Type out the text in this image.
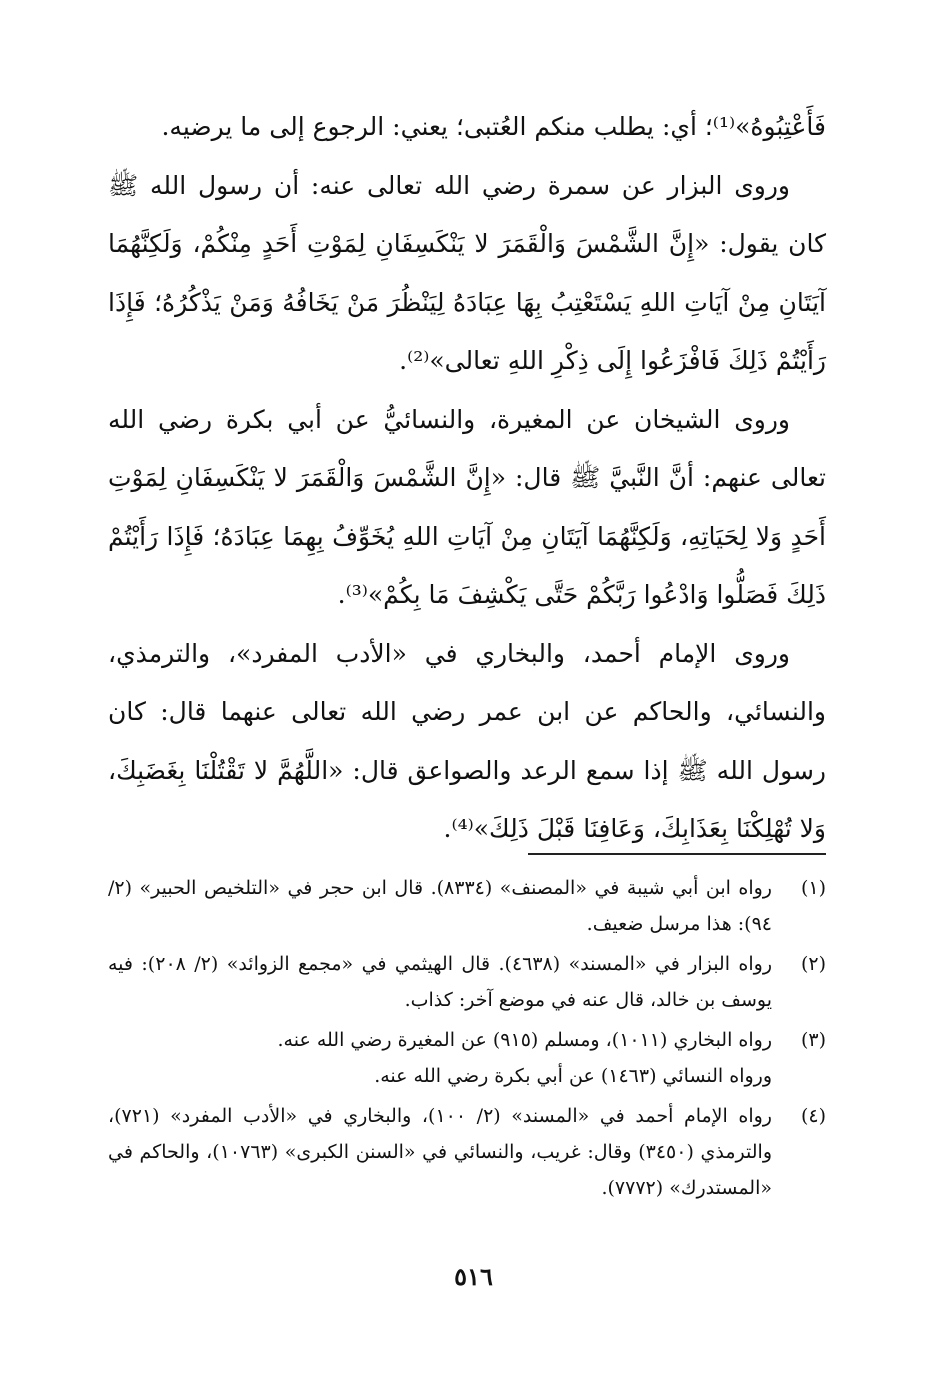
فَأَعْتِبُوهُ»⁽¹⁾؛ أي: يطلب منكم العُتبى؛ يعني: الرجوع إلى ما يرضيه.

وروى البزار عن سمرة رضي الله تعالى عنه: أن رسول الله ﷺ كان يقول: «إِنَّ الشَّمْسَ وَالْقَمَرَ لا يَنْكَسِفَانِ لِمَوْتِ أَحَدٍ مِنْكُمْ، وَلَكِنَّهُمَا آيَتَانِ مِنْ آيَاتِ اللهِ يَسْتَعْتِبُ بِهَا عِبَادَهُ لِيَنْظُرَ مَنْ يَخَافُهُ وَمَنْ يَذْكُرُهُ؛ فَإِذَا رَأَيْتُمْ ذَلِكَ فَافْزَعُوا إِلَى ذِكْرِ اللهِ تعالى»⁽²⁾.

وروى الشيخان عن المغيرة، والنسائيُّ عن أبي بكرة رضي الله تعالى عنهم: أنَّ النَّبيَّ ﷺ قال: «إِنَّ الشَّمْسَ وَالْقَمَرَ لا يَنْكَسِفَانِ لِمَوْتِ أَحَدٍ وَلا لِحَيَاتِهِ، وَلَكِنَّهُمَا آيَتَانِ مِنْ آيَاتِ اللهِ يُخَوِّفُ بِهِمَا عِبَادَهُ؛ فَإِذَا رَأَيْتُمْ ذَلِكَ فَصَلُّوا وَادْعُوا رَبَّكُمْ حَتَّى يَكْشِفَ مَا بِكُمْ»⁽³⁾.

وروى الإمام أحمد، والبخاري في «الأدب المفرد»، والترمذي، والنسائي، والحاكم عن ابن عمر رضي الله تعالى عنهما قال: كان رسول الله ﷺ إذا سمع الرعد والصواعق قال: «اللَّهُمَّ لا تَقْتُلْنَا بِغَضَبِكَ، وَلا تُهْلِكْنَا بِعَذَابِكَ، وَعَافِنَا قَبْلَ ذَلِكَ»⁽⁴⁾.

(١)
رواه ابن أبي شيبة في «المصنف» (٨٣٣٤). قال ابن حجر في «التلخيص الحبير» (٢/ ٩٤): هذا مرسل ضعيف.
(٢)
رواه البزار في «المسند» (٤٦٣٨). قال الهيثمي في «مجمع الزوائد» (٢/ ٢٠٨): فيه يوسف بن خالد، قال عنه في موضع آخر: كذاب.
(٣)
رواه البخاري (١٠١١)، ومسلم (٩١٥) عن المغيرة رضي الله عنه.
ورواه النسائي (١٤٦٣) عن أبي بكرة رضي الله عنه.
(٤)
رواه الإمام أحمد في «المسند» (٢/ ١٠٠)، والبخاري في «الأدب المفرد» (٧٢١)، والترمذي (٣٤٥٠) وقال: غريب، والنسائي في «السنن الكبرى» (١٠٧٦٣)، والحاكم في «المستدرك» (٧٧٧٢).
٥١٦
